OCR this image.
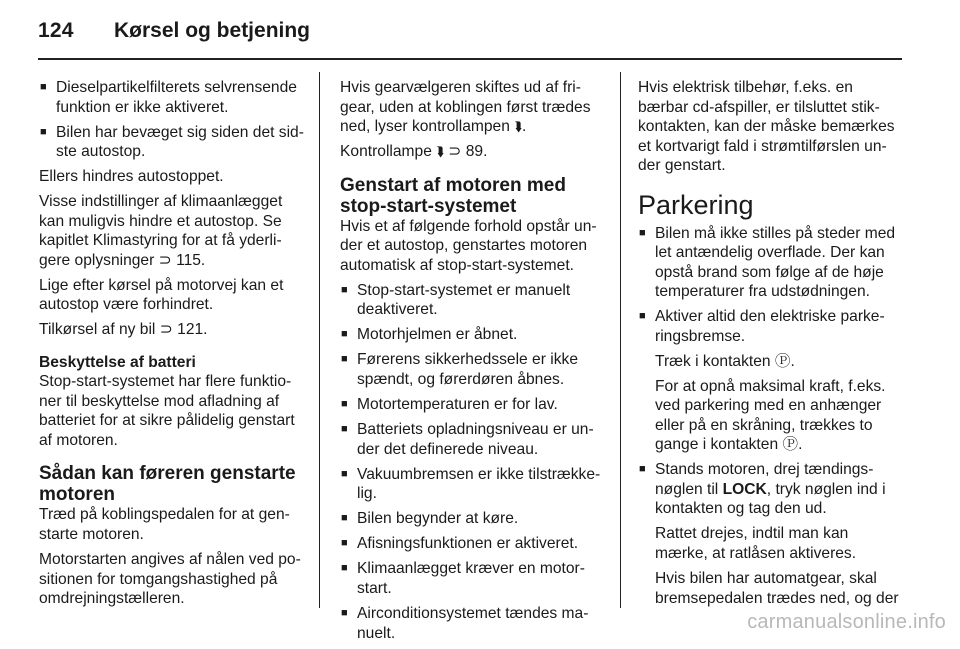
124 Kørsel og betjening
■ Dieselpartikelfilterets selvrensende funktion er ikke aktiveret.
■ Bilen har bevæget sig siden det sidste autostop.
Ellers hindres autostoppet.
Visse indstillinger af klimaanlægget kan muligvis hindre et autostop. Se kapitlet Klimastyring for at få yderligere oplysninger ⊃ 115.
Lige efter kørsel på motorvej kan et autostop være forhindret.
Tilkørsel af ny bil ⊃ 121.
Beskyttelse af batteri
Stop-start-systemet har flere funktioner til beskyttelse mod afladning af batteriet for at sikre pålidelig genstart af motoren.
Sådan kan føreren genstarte motoren
Træd på koblingspedalen for at genstarte motoren.
Motorstarten angives af nålen ved positionen for tomgangshastighed på omdrejningstælleren.
Hvis gearvælgeren skiftes ud af frigear, uden at koblingen først trædes ned, lyser kontrollampen ⮯.
Kontrollampe ⮯ ⊃ 89.
Genstart af motoren med stop-start-systemet
Hvis et af følgende forhold opstår under et autostop, genstartes motoren automatisk af stop-start-systemet.
■ Stop-start-systemet er manuelt deaktiveret.
■ Motorhjelmen er åbnet.
■ Førerens sikkerhedssele er ikke spændt, og førerdøren åbnes.
■ Motortemperaturen er for lav.
■ Batteriets opladningsniveau er under det definerede niveau.
■ Vakuumbremsen er ikke tilstrækkelig.
■ Bilen begynder at køre.
■ Afisningsfunktionen er aktiveret.
■ Klimaanlægget kræver en motorstart.
■ Airconditionsystemet tændes manuelt.
Hvis elektrisk tilbehør, f.eks. en bærbar cd-afspiller, er tilsluttet stikkontakten, kan der måske bemærkes et kortvarigt fald i strømtilførslen under genstart.
Parkering
■ Bilen må ikke stilles på steder med let antændelig overflade. Der kan opstå brand som følge af de høje temperaturer fra udstødningen.
■ Aktiver altid den elektriske parkeringsbremse.
Træk i kontakten Ⓟ.
For at opnå maksimal kraft, f.eks. ved parkering med en anhænger eller på en skråning, trækkes to gange i kontakten Ⓟ.
■ Stands motoren, drej tændingsnøglen til LOCK, tryk nøglen ind i kontakten og tag den ud.
Rattet drejes, indtil man kan mærke, at ratlåsen aktiveres.
Hvis bilen har automatgear, skal bremsepedalen trædes ned, og der
carmanualsonline.info
